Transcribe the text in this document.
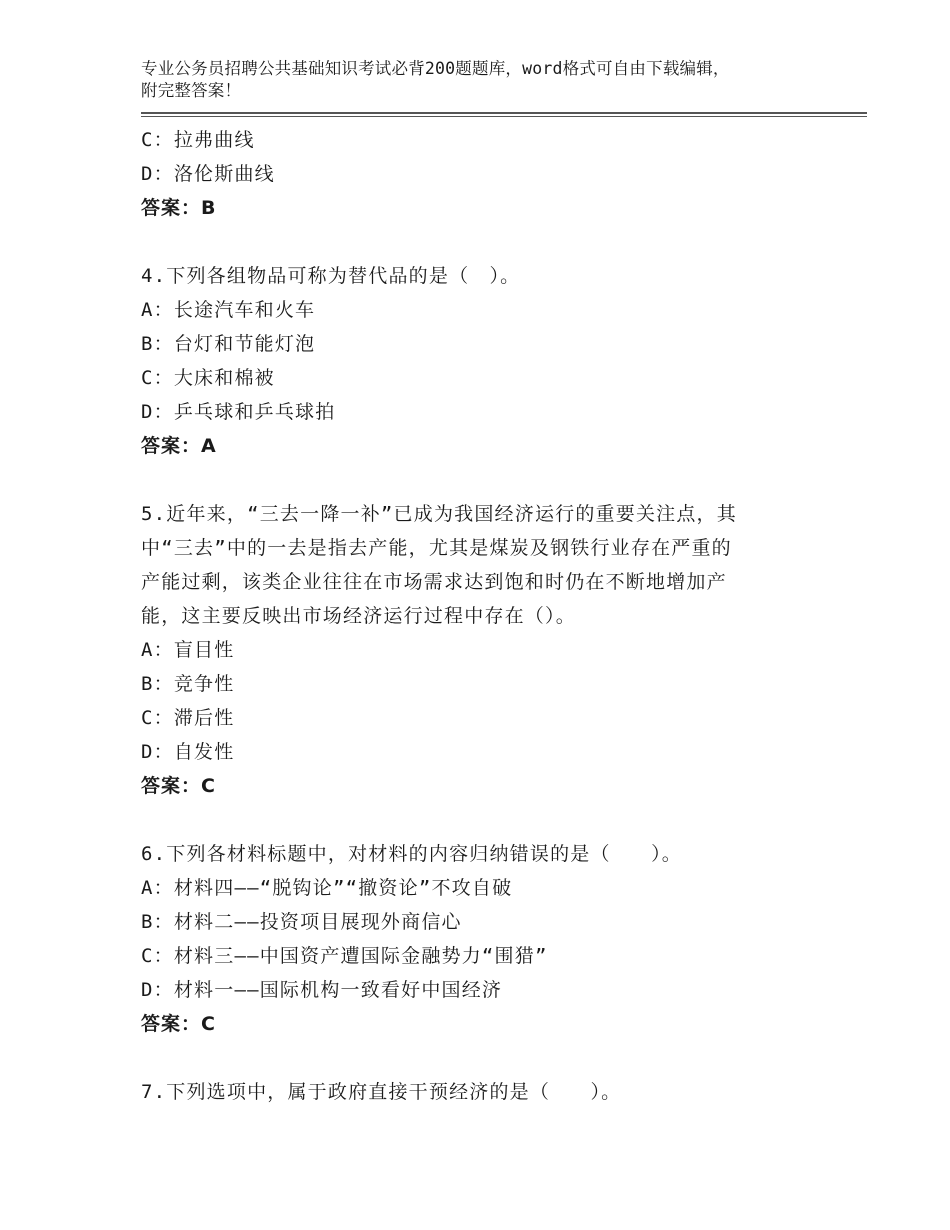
专业公务员招聘公共基础知识考试必背200题题库，word格式可自由下载编辑，

附完整答案！

C：拉弗曲线
D：洛伦斯曲线
答案：B
4.下列各组物品可称为替代品的是（　）。
A：长途汽车和火车
B：台灯和节能灯泡
C：大床和棉被
D：乒乓球和乒乓球拍
答案：A
5.近年来，“三去一降一补”已成为我国经济运行的重要关注点，其
中“三去”中的一去是指去产能，尤其是煤炭及钢铁行业存在严重的
产能过剩，该类企业往往在市场需求达到饱和时仍在不断地增加产
能，这主要反映出市场经济运行过程中存在（）。
A：盲目性
B：竞争性
C：滞后性
D：自发性
答案：C
6.下列各材料标题中，对材料的内容归纳错误的是（　　）。
A：材料四——“脱钩论”“撤资论”不攻自破
B：材料二——投资项目展现外商信心
C：材料三——中国资产遭国际金融势力“围猎”
D：材料一——国际机构一致看好中国经济
答案：C
7.下列选项中，属于政府直接干预经济的是（　　）。
